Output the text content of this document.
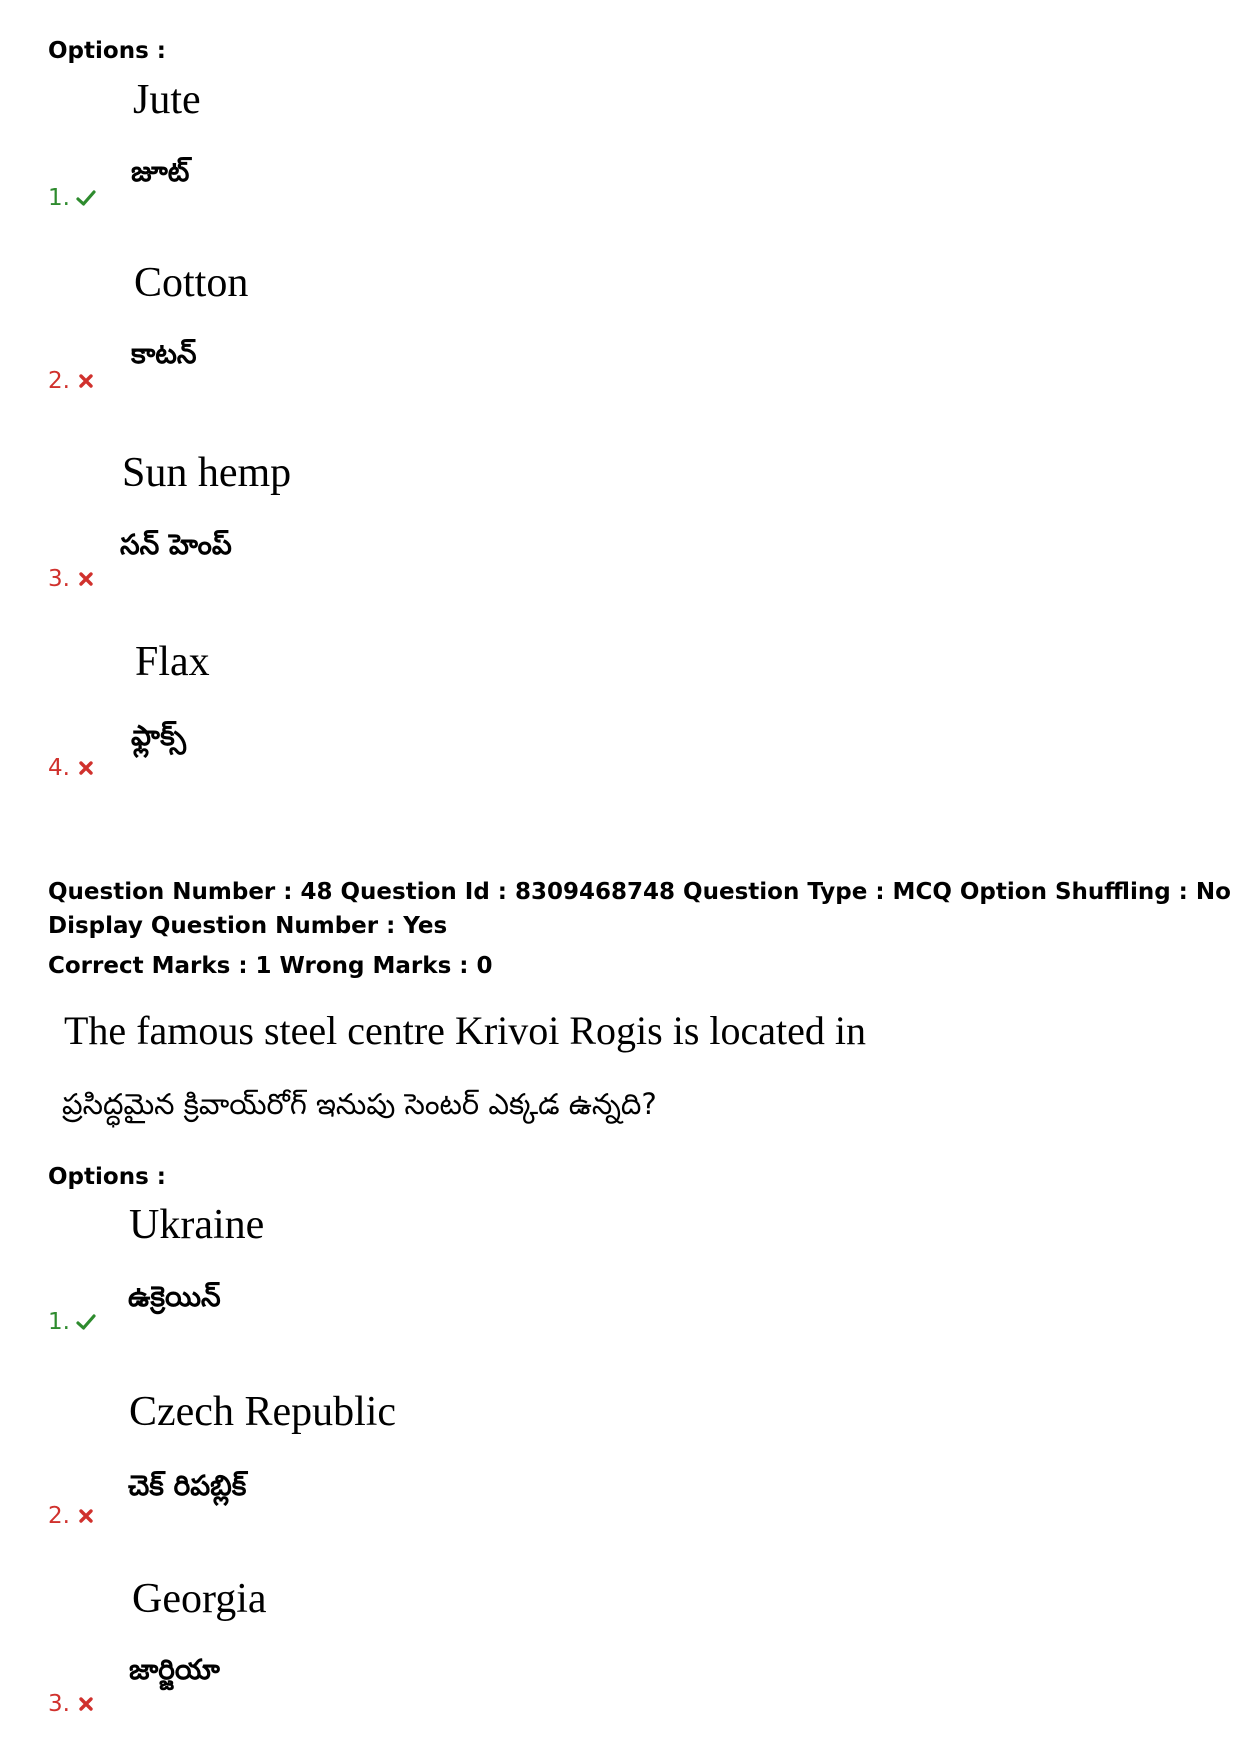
Options :
Jute
జూట్
1.
Cotton
కాటన్
2.
Sun hemp
సన్ హెంప్
3.
Flax
ఫ్లాక్స్
4.
Question Number : 48 Question Id : 8309468748 Question Type : MCQ Option Shuffling : No
Display Question Number : Yes
Correct Marks : 1 Wrong Marks : 0
The famous steel centre Krivoi Rogis is located in
ప్రసిద్ధమైన క్రివాయ్‌రోగ్ ఇనుపు సెంటర్ ఎక్కడ ఉన్నది?
Options :
Ukraine
ఉక్రెయిన్
1.
Czech Republic
చెక్ రిపబ్లిక్
2.
Georgia
జార్జియా
3.
